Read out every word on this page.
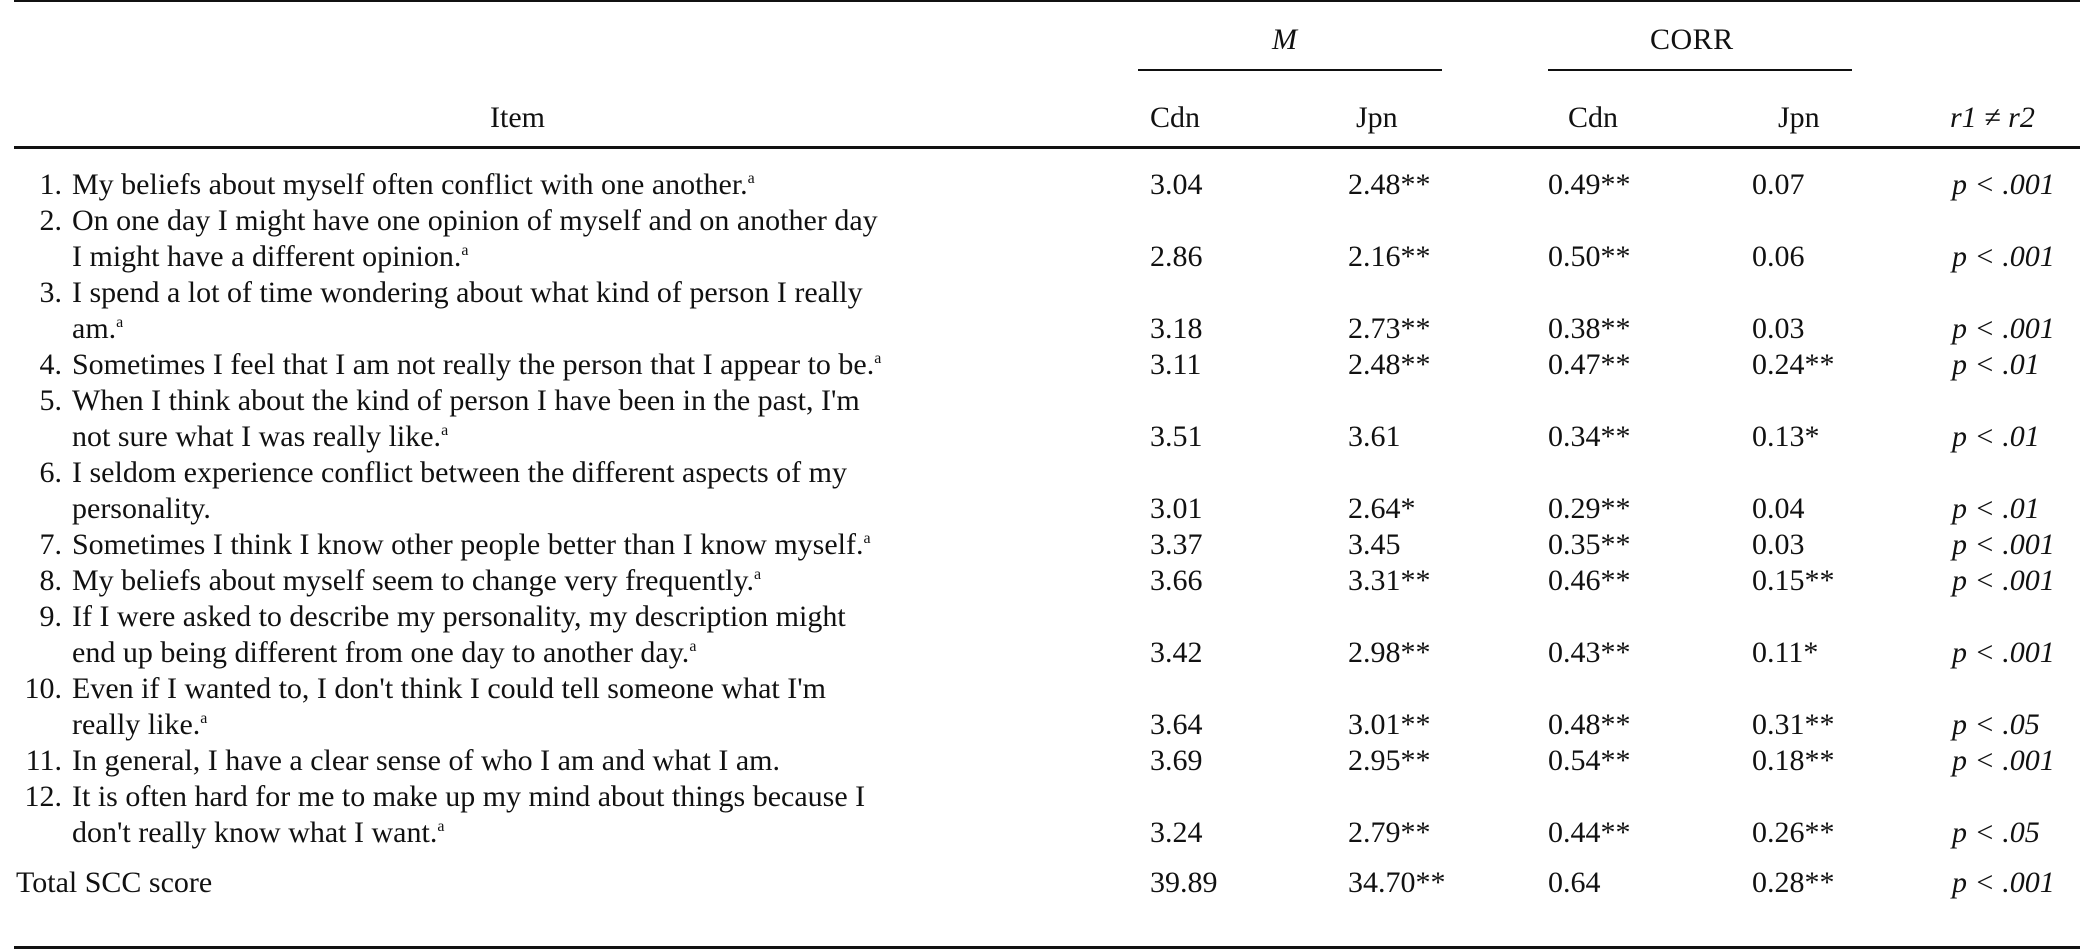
M	CORR
Item	Cdn	Jpn	Cdn	Jpn	r1 ≠ r2
1. My beliefs about myself often conflict with one another.$^a$	3.04	2.48**	0.49**	0.07	p < .001
2. On one day I might have one opinion of myself and on another day
I might have a different opinion.$^a$	2.86	2.16**	0.50**	0.06	p < .001
3. I spend a lot of time wondering about what kind of person I really
am.$^a$	3.18	2.73**	0.38**	0.03	p < .001
4. Sometimes I feel that I am not really the person that I appear to be.$^a$	3.11	2.48**	0.47**	0.24**	p < .01
5. When I think about the kind of person I have been in the past, I'm
not sure what I was really like.$^a$	3.51	3.61	0.34**	0.13*	p < .01
6. I seldom experience conflict between the different aspects of my
personality.	3.01	2.64*	0.29**	0.04	p < .01
7. Sometimes I think I know other people better than I know myself.$^a$	3.37	3.45	0.35**	0.03	p < .001
8. My beliefs about myself seem to change very frequently.$^a$	3.66	3.31**	0.46**	0.15**	p < .001
9. If I were asked to describe my personality, my description might
end up being different from one day to another day.$^a$	3.42	2.98**	0.43**	0.11*	p < .001
10. Even if I wanted to, I don't think I could tell someone what I'm
really like.$^a$	3.64	3.01**	0.48**	0.31**	p < .05
11. In general, I have a clear sense of who I am and what I am.	3.69	2.95**	0.54**	0.18**	p < .001
12. It is often hard for me to make up my mind about things because I
don't really know what I want.$^a$	3.24	2.79**	0.44**	0.26**	p < .05
Total SCC score	39.89	34.70**	0.64	0.28**	p < .001
